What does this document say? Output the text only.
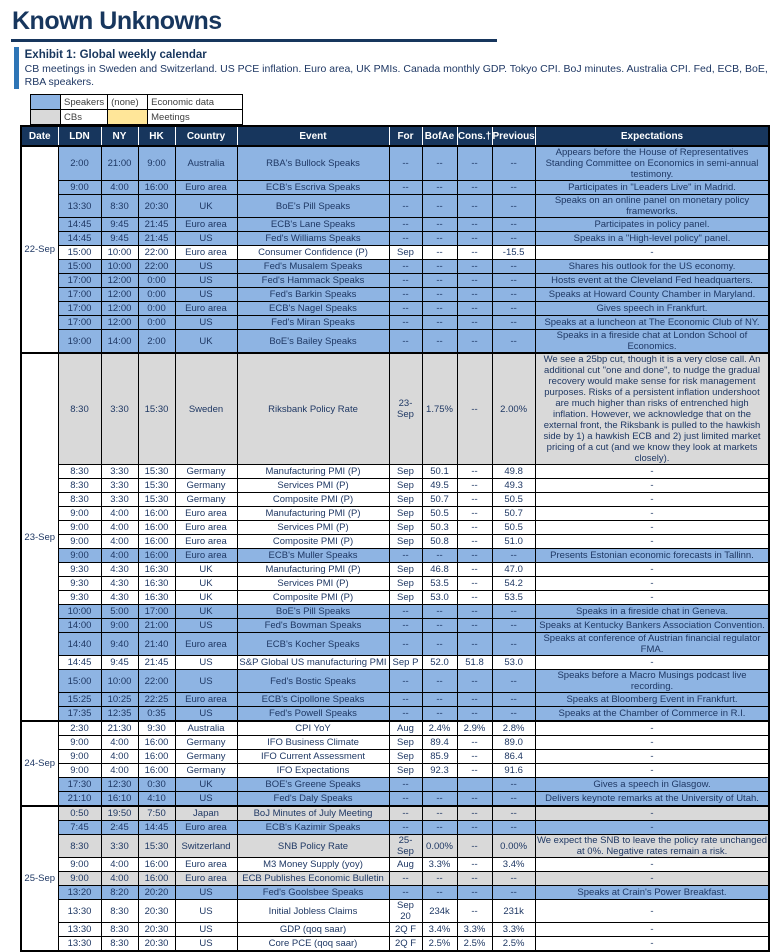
Known Unknowns
Exhibit 1: Global weekly calendar
CB meetings in Sweden and Switzerland. US PCE inflation. Euro area, UK PMIs. Canada monthly GDP. Tokyo CPI. BoJ minutes. Australia CPI. Fed, ECB, BoE, RBA speakers.
	Speakers	(none)	Economic data
	CBs		Meetings
Date	LDN	NY	HK	Country	Event	For	BofAe	Cons.†	Previous	Expectations
22-Sep	2:00	21:00	9:00	Australia	RBA's Bullock Speaks	--	--	--	--	Appears before the House of Representatives Standing Committee on Economics in semi-annual testimony.
	9:00	4:00	16:00	Euro area	ECB's Escriva Speaks	--	--	--	--	Participates in "Leaders Live" in Madrid.
	13:30	8:30	20:30	UK	BoE's Pill Speaks	--	--	--	--	Speaks on an online panel on monetary policy frameworks.
	14:45	9:45	21:45	Euro area	ECB's Lane Speaks	--	--	--	--	Participates in policy panel.
	14:45	9:45	21:45	US	Fed's Williams Speaks	--	--	--	--	Speaks in a "High-level policy" panel.
	15:00	10:00	22:00	Euro area	Consumer Confidence (P)	Sep	--	--	-15.5	-
	15:00	10:00	22:00	US	Fed's Musalem Speaks	--	--	--	--	Shares his outlook for the US economy.
	17:00	12:00	0:00	US	Fed's Hammack Speaks	--	--	--	--	Hosts event at the Cleveland Fed headquarters.
	17:00	12:00	0:00	US	Fed's Barkin Speaks	--	--	--	--	Speaks at Howard County Chamber in Maryland.
	17:00	12:00	0:00	Euro area	ECB's Nagel Speaks	--	--	--	--	Gives speech in Frankfurt.
	17:00	12:00	0:00	US	Fed's Miran Speaks	--	--	--	--	Speaks at a luncheon at The Economic Club of NY.
	19:00	14:00	2:00	UK	BoE's Bailey Speaks	--	--	--	--	Speaks in a fireside chat at London School of Economics.
23-Sep	8:30	3:30	15:30	Sweden	Riksbank Policy Rate	23-Sep	1.75%	--	2.00%	We see a 25bp cut, though it is a very close call. An additional cut "one and done", to nudge the gradual recovery would make sense for risk management purposes. Risks of a persistent inflation undershoot are much higher than risks of entrenched high inflation. However, we acknowledge that on the external front, the Riksbank is pulled to the hawkish side by 1) a hawkish ECB and 2) just limited market pricing of a cut (and we know they look at markets closely).
	8:30	3:30	15:30	Germany	Manufacturing PMI (P)	Sep	50.1	--	49.8	-
	8:30	3:30	15:30	Germany	Services PMI (P)	Sep	49.5	--	49.3	-
	8:30	3:30	15:30	Germany	Composite PMI (P)	Sep	50.7	--	50.5	-
	9:00	4:00	16:00	Euro area	Manufacturing PMI (P)	Sep	50.5	--	50.7	-
	9:00	4:00	16:00	Euro area	Services PMI (P)	Sep	50.3	--	50.5	-
	9:00	4:00	16:00	Euro area	Composite PMI (P)	Sep	50.8	--	51.0	-
	9:00	4:00	16:00	Euro area	ECB's Muller Speaks	--	--	--	--	Presents Estonian economic forecasts in Tallinn.
	9:30	4:30	16:30	UK	Manufacturing PMI (P)	Sep	46.8	--	47.0	-
	9:30	4:30	16:30	UK	Services PMI (P)	Sep	53.5	--	54.2	-
	9:30	4:30	16:30	UK	Composite PMI (P)	Sep	53.0	--	53.5	-
	10:00	5:00	17:00	UK	BoE's Pill Speaks	--	--	--	--	Speaks in a fireside chat in Geneva.
	14:00	9:00	21:00	US	Fed's Bowman Speaks	--	--	--	--	Speaks at Kentucky Bankers Association Convention.
	14:40	9:40	21:40	Euro area	ECB's Kocher Speaks	--	--	--	--	Speaks at conference of Austrian financial regulator FMA.
	14:45	9:45	21:45	US	S&P Global US manufacturing PMI	Sep P	52.0	51.8	53.0	-
	15:00	10:00	22:00	US	Fed's Bostic Speaks	--	--	--	--	Speaks before a Macro Musings podcast live recording.
	15:25	10:25	22:25	Euro area	ECB's Cipollone Speaks	--	--	--	--	Speaks at Bloomberg Event in Frankfurt.
	17:35	12:35	0:35	US	Fed's Powell Speaks	--	--	--	--	Speaks at the Chamber of Commerce in R.I.
24-Sep	2:30	21:30	9:30	Australia	CPI YoY	Aug	2.4%	2.9%	2.8%	-
	9:00	4:00	16:00	Germany	IFO Business Climate	Sep	89.4	--	89.0	-
	9:00	4:00	16:00	Germany	IFO Current Assessment	Sep	85.9	--	86.4	-
	9:00	4:00	16:00	Germany	IFO Expectations	Sep	92.3	--	91.6	-
	17:30	12:30	0:30	UK	BOE's Greene Speaks	--			--	Gives a speech in Glasgow.
	21:10	16:10	4:10	US	Fed's Daly Speaks	--	--	--	--	Delivers keynote remarks at the University of Utah.
25-Sep	0:50	19:50	7:50	Japan	BoJ Minutes of July Meeting	--	--	--	--	-
	7:45	2:45	14:45	Euro area	ECB's Kazimir Speaks	--	--	--	--	-
	8:30	3:30	15:30	Switzerland	SNB Policy Rate	25-Sep	0.00%	--	0.00%	We expect the SNB to leave the policy rate unchanged at 0%. Negative rates remain a risk.
	9:00	4:00	16:00	Euro area	M3 Money Supply (yoy)	Aug	3.3%	--	3.4%	-
	9:00	4:00	16:00	Euro area	ECB Publishes Economic Bulletin	--	--	--	--	-
	13:20	8:20	20:20	US	Fed's Goolsbee Speaks	--	--	--	--	Speaks at Crain's Power Breakfast.
	13:30	8:30	20:30	US	Initial Jobless Claims	Sep 20	234k	--	231k	-
	13:30	8:30	20:30	US	GDP (qoq saar)	2Q F	3.4%	3.3%	3.3%	-
	13:30	8:30	20:30	US	Core PCE (qoq saar)	2Q F	2.5%	2.5%	2.5%	-
